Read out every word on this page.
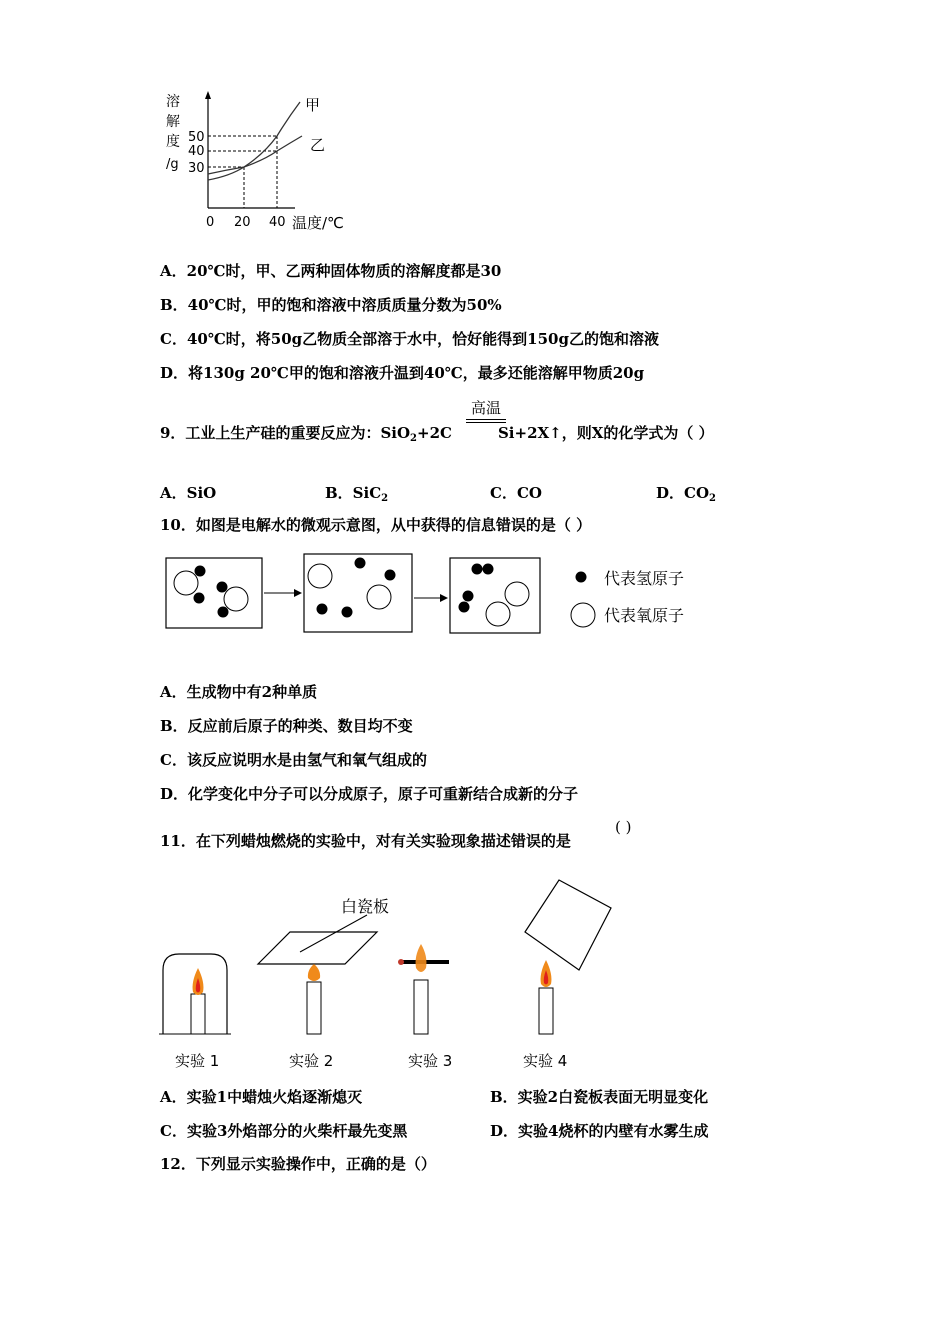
溶
解
度
/g
50
40
30
甲
乙
0 20 40 温度/℃
A．20℃时，甲、乙两种固体物质的溶解度都是30
B．40℃时，甲的饱和溶液中溶质质量分数为50%
C．40℃时，将50g乙物质全部溶于水中，恰好能得到150g乙的饱和溶液
D．将130g 20℃甲的饱和溶液升温到40℃，最多还能溶解甲物质20g
高温
9．工业上生产硅的重要反应为：SiO$_2$+2C	Si+2X↑，则X的化学式为（ ）
A．SiO	B．SiC$_2$	C．CO	D．$CO_2$
10．如图是电解水的微观示意图，从中获得的信息错误的是（ ）
代表氢原子
代表氧原子
A．生成物中有2种单质
B．反应前后原子的种类、数目均不变
C．该反应说明水是由氢气和氧气组成的
D．化学变化中分子可以分成原子，原子可重新结合成新的分子
11．在下列蜡烛燃烧的实验中，对有关实验现象描述错误的是
( )
白瓷板
实验 1	实验 2	实验 3	实验 4
A．实验1中蜡烛火焰逐渐熄灭	B．实验2白瓷板表面无明显变化
C．实验3外焰部分的火柴杆最先变黑	D．实验4烧杯的内壁有水雾生成
12．下列显示实验操作中，正确的是（）
